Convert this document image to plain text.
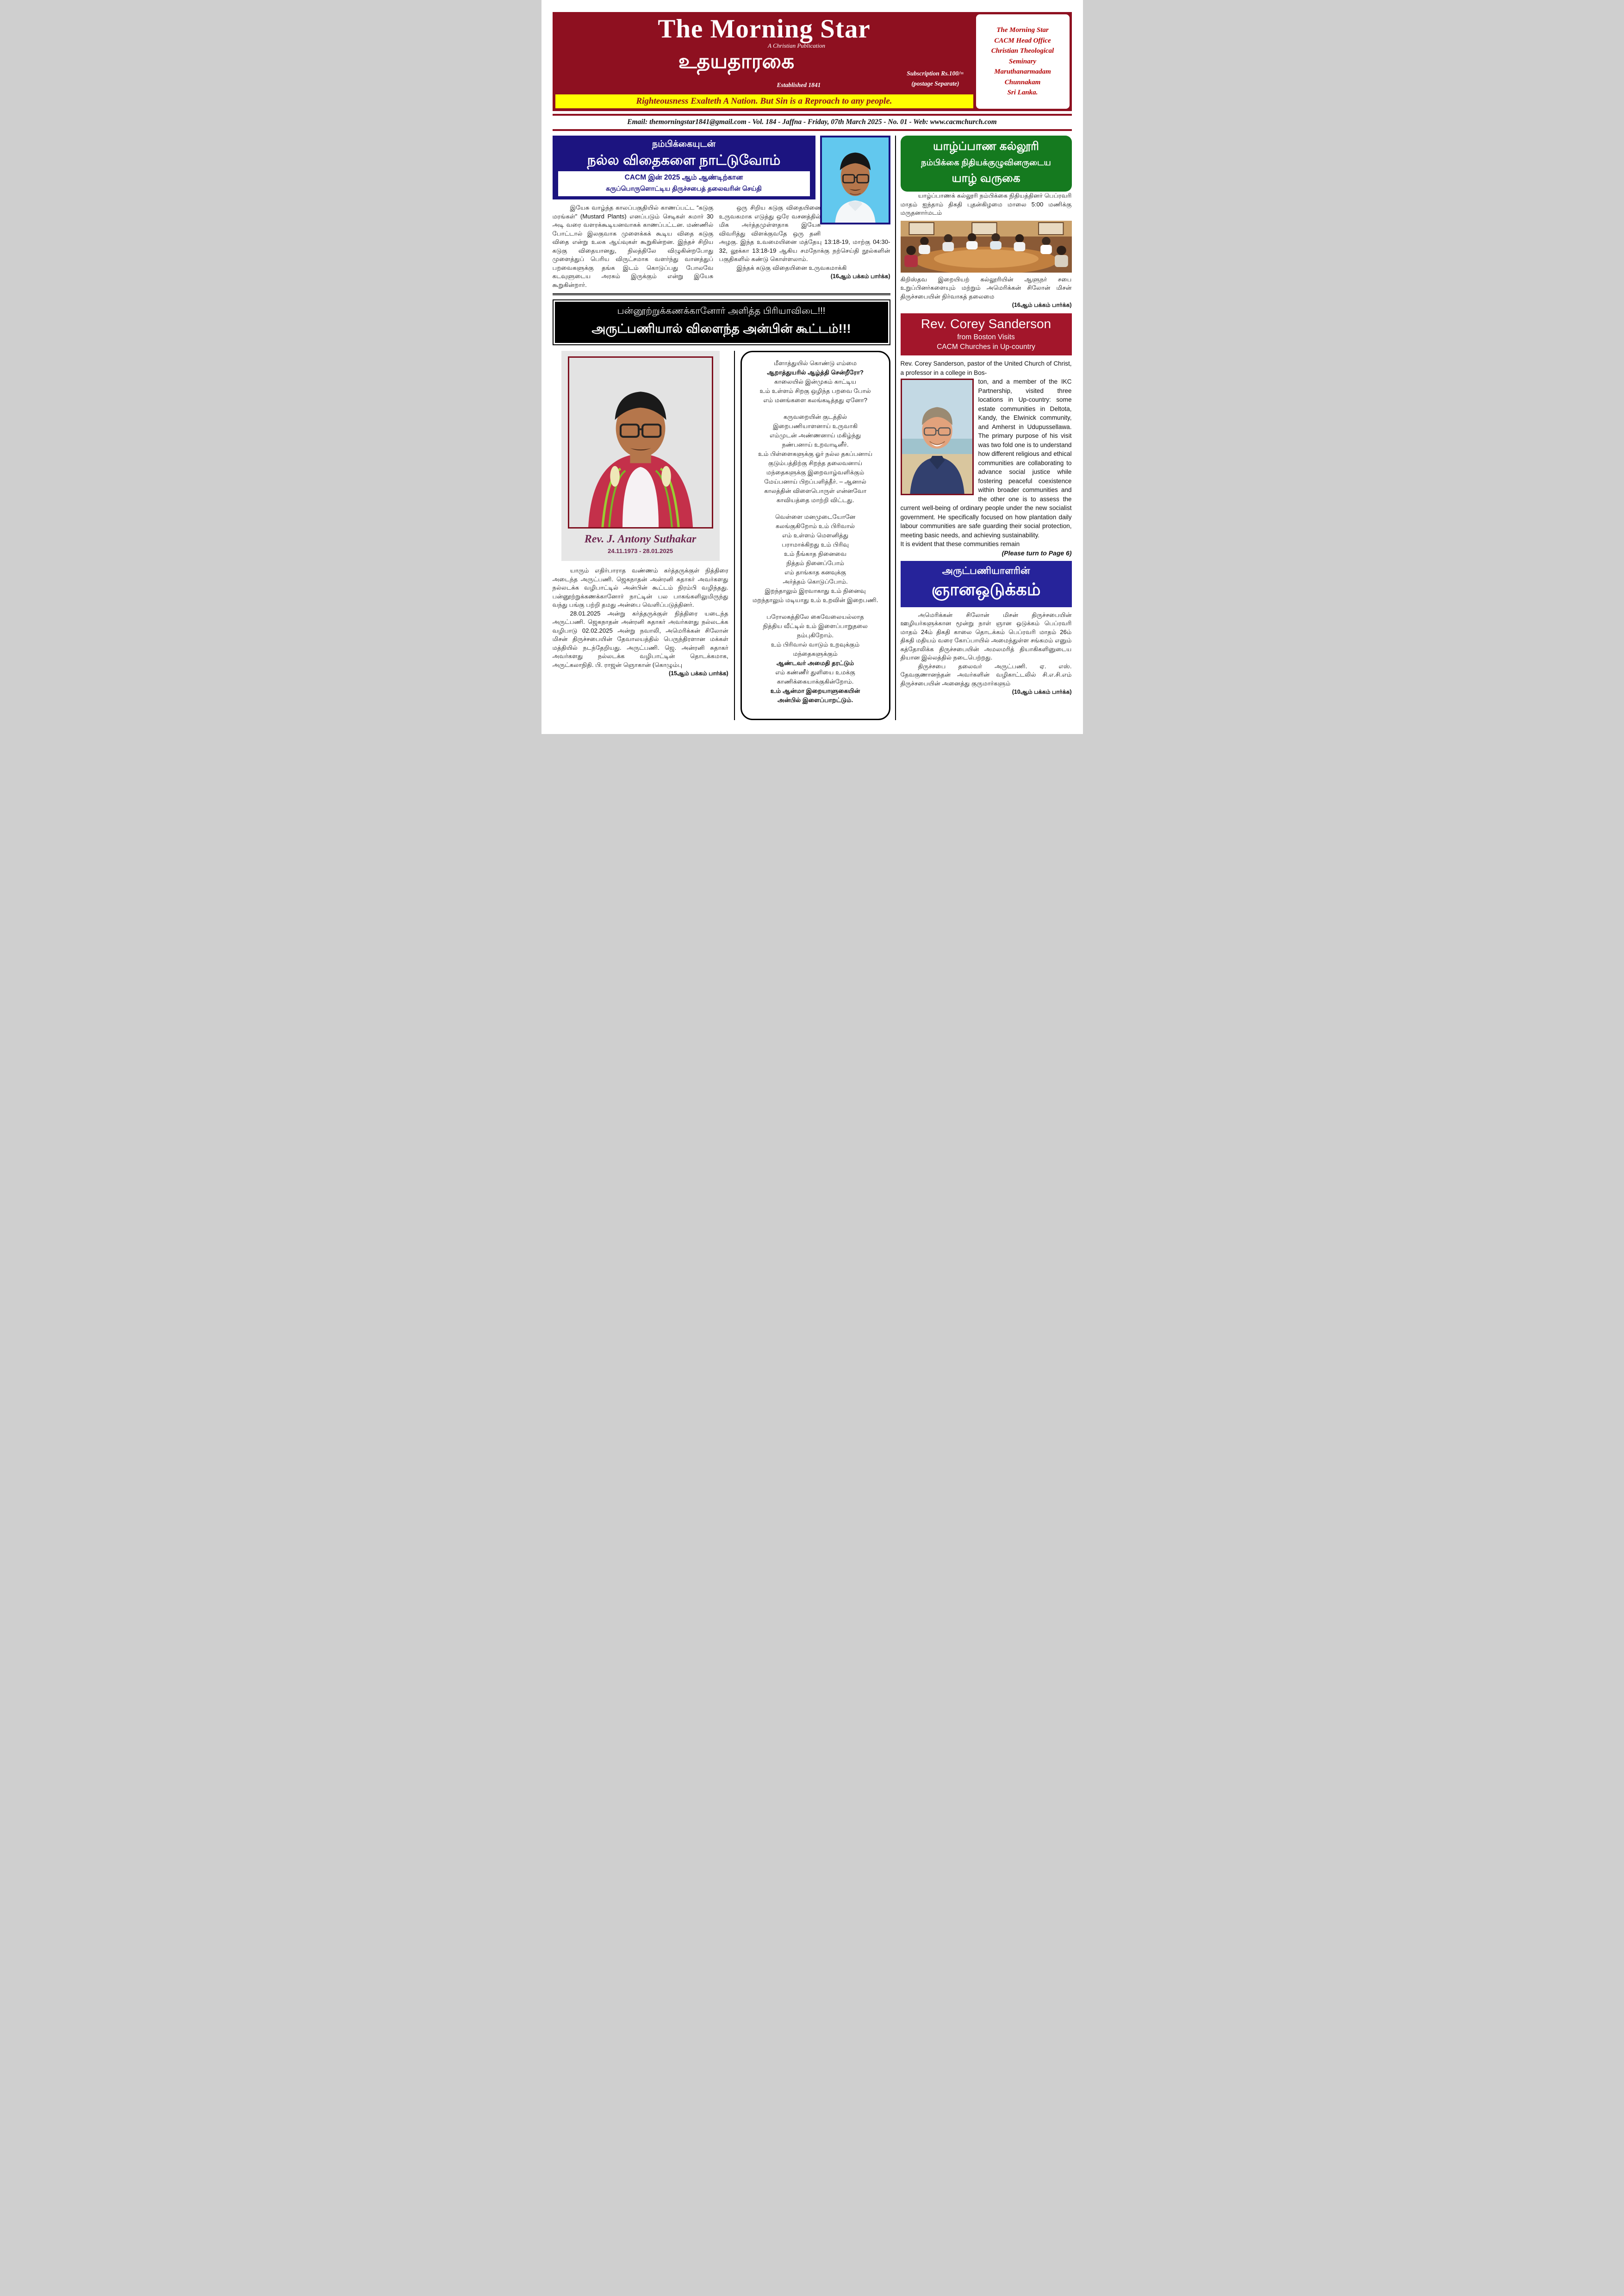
The Morning Star
A Christian Publication
உதயதாரகை
Established 1841
Subscription Rs.100/=
(postage Separate)
Righteousness Exalteth A Nation. But Sin is a Reproach to any people.
The Morning Star
CACM Head Office
Christian Theological
Seminary
Maruthanarmadam
Chunnakam
Sri Lanka.
Email: themorningstar1841@gmail.com - Vol. 184 - Jaffna - Friday, 07th March 2025 - No. 01 - Web: www.cacmchurch.com
நம்பிக்கையுடன்
நல்ல விதைகளை நாட்டுவோம்
CACM இன் 2025 ஆம் ஆண்டிற்கான
கருப்பொருளொட்டிய திருச்சபைத் தலைவரின் செய்தி

இயேசு வாழ்ந்த காலப்பகுதியில் காணப்பட்ட “கடுகு மரங்கள்” (Mustard Plants) எனப்படும் செடிகள் சுமார் 30 அடி வரை வளரக்கூடியனவாகக் காணப்பட்டன. மண்ணில் போட்டால் இலகுவாக முளைக்கக் கூடிய விதை கடுகு விதை என்று உலக ஆய்வுகள் கூறுகின்றன. இந்தச் சிறிய கடுகு விதையானது, நிலத்திலே விழுகின்றபோது முளைத்துப் பெரிய விருட்சமாக வளர்ந்து வானத்துப் பறவைகளுக்கு தங்க இடம் கொடுப்பது போலவே கடவுளுடைய அரசும் இருக்கும் என்று இயேசு கூறுகின்றார்.

ஒரு சிறிய கடுகு விதையினை உருவகமாக எடுத்து ஒரே வசனத்தில் மிக அர்த்தமுள்ளதாக இயேசு விவரித்து விளக்குவதே ஒரு தனி அழகு. இந்த உவமையினை மத்தேயு 13:18-19, மாற்கு 04:30-32, லூக்கா 13:18-19 ஆகிய சமநோக்கு நற்செய்தி நூல்களின் பகுதிகளில் கண்டு கொள்ளலாம்.

இந்தக் கடுகு விதையினை உருவகமாக்கி

(16ஆம் பக்கம் பார்க்க)
பன்னூற்றுக்கணக்கானோர் அளித்த பிரியாவிடை!!!
அருட்பணியால் விளைந்த அன்பின் கூட்டம்!!!
Rev. J. Antony Suthakar
24.11.1973 - 28.01.2025

யாரும் எதிர்பாராத வண்ணம் கர்த்தருக்குள் நித்திரை அடைந்த அருட்பணி. ஜெகநாதன் அன்ரனி சுதாகர் அவர்களது நல்லடக்க வழிபாட்டில் அன்பின் கூட்டம் நிரம்பி வழிந்தது. பன்னூற்றுக்கணக்கானோர் நாட்டின் பல பாகங்களிலுமிருந்து வந்து பங்கு பற்றி தமது அன்பை வெளிப்படுத்தினர்.

28.01.2025 அன்று கர்த்தருக்குள் நித்திரை யடைந்த அருட்பணி. ஜெகநாதன் அன்ரனி சுதாகர் அவர்களது நல்லடக்க வழிபாடு 02.02.2025 அன்று நவாலி, அமெரிக்கன் சிலோன் மிசன் திருச்சபையின் தேவாலயத்தில் பெருந்திரளான மக்கள் மத்தியில் நடந்தேறியது. அருட்பணி. ஜெ. அன்ரனி சுதாகர் அவர்களது நல்லடக்க வழிபாட்டின் தொடக்கமாக, அருட்கலாநிதி. பி. ராஜன் ஞொகான் (கொழும்பு

(15ஆம் பக்கம் பார்க்க)
மீளாத்துயில் கொண்டு எம்மை
ஆறாத்துயரில் ஆழ்த்தி சென்றீரோ?
காலையில் இன்முகம் காட்டிய
உம் உள்ளம் சிறகு ஒழிந்த பறவை போல்
எம் மனங்களை கலங்கடித்தது ஏனோ?
கருவறையின் குடத்தில்
இறைபணியாளனாய் உருவாகி
எம்முடன் அண்ணனாய் மகிழ்ந்து
நண்பனாய் உறவாடினீர்.
உம் பிள்ளைகளுக்கு ஓர் நல்ல தகப்பனாய்
குடும்பத்திற்கு சிறந்த தலைவனாய்
மந்தைகளுக்கு இறைவாழ்வளிக்கும்
மேய்பனாய் பிறப்பளித்தீர். – ஆனால்
காலத்தின் விளைபொருள் என்னவோ
காவியத்தை மாற்றி விட்டது.
வெள்ளை மனமுடையோனே
கலங்குகிறோம் உம் பிரிவால்
எம் உள்ளம் மௌனித்து
பராமாக்கிறது உம் பிரிவு
உம் நீங்காத நினைவை
நித்தம் நினைப்போம்
எம் தாங்காத கனவுக்கு
அர்த்தம் கொடுப்போம்.
இறந்தாலும் இரவாகாது உம் நினைவு
மறந்தாலும் மடியாது உம் உறவின் இறைபணி.
பரோலகத்திலே கைவேலையல்லாத
நித்திய வீட்டில் உம் இளைப்பாறுதலை
நம்புகிறோம்.
உம் பிரிவால் வாடும் உறவுக்கும்
மந்தைகளுக்கும்
ஆண்டவர் அமைதி தரட்டும்
எம் கண்ணீர் துளியை உமக்கு
காணிக்கையாக்குகின்றோம்.
உம் ஆன்மா இறையாளுகையின்
அன்பில் இளைப்பாறட்டும்.
யாழ்ப்பாண கல்லூரி
நம்பிக்கை நிதியக்குழுவினருடைய
யாழ் வருகை

யாழ்ப்பாணக் கல்லூரி நம்பிக்கை நிதியத்தினர் பெப்ரவரி மாதம் ஐந்தாம் திகதி புதன்கிழமை மாலை 5:00 மணிக்கு மருதனார்மடம்

கிறிஸ்தவ இறையியற் கல்லூரியின் ஆளுநர் சபை உறுப்பினர்களையும் மற்றும் அமெரிக்கன் சிலோன் மிசன் திருச்சபையின் நிர்வாகத் தலைமை

(16ஆம் பக்கம் பார்க்க)
Rev. Corey Sanderson
from Boston Visits
CACM Churches in Up-country

Rev. Corey Sanderson, pastor of the United Church of Christ, a professor in a college in Bos-

ton, and a member of the IKC Partnership, visited three locations in Up-country: some estate communities in Deltota, Kandy, the Elwinick community, and Amherst in Udupussellawa. The primary purpose of his visit was two fold one is to understand how different religious and ethical communities are collaborating to advance social justice while fostering peaceful coexistence within broader communities and the other one is to assess the current well-being of ordinary people under the new socialist government. He specifically focused on how plantation daily labour communities are safe guarding their social protection, meeting basic needs, and achieving sustainability.

It is evident that these communities remain

(Please turn to Page 6)
அருட்பணியாளரின்
ஞானஒடுக்கம்

அமெரிக்கன் சிலோன் மிசன் திருச்சபையின் ஊழியர்களுக்கான மூன்று நாள் ஞான ஒடுக்கம் பெப்ரவரி மாதம் 24ம் திகதி காலை தொடக்கம் பெப்ரவரி மாதம் 26ம் திகதி மதியம் வரை கோப்பாயில் அமைந்துள்ள சங்கமம் எனும் கத்தோலிக்க திருச்சபையின் அமலமரித் தியாகிகளினுடைய தியான இல்லத்தில் நடைபெற்றது.

திருச்சபை தலைவர் அருட்பணி. ஏ. எஸ். தேவகுணானந்தன் அவர்களின் வழிகாட்டலில் சி.எ.சி.எம் திருச்சபையின் அனைத்து குருமார்களும்

(10ஆம் பக்கம் பார்க்க)
